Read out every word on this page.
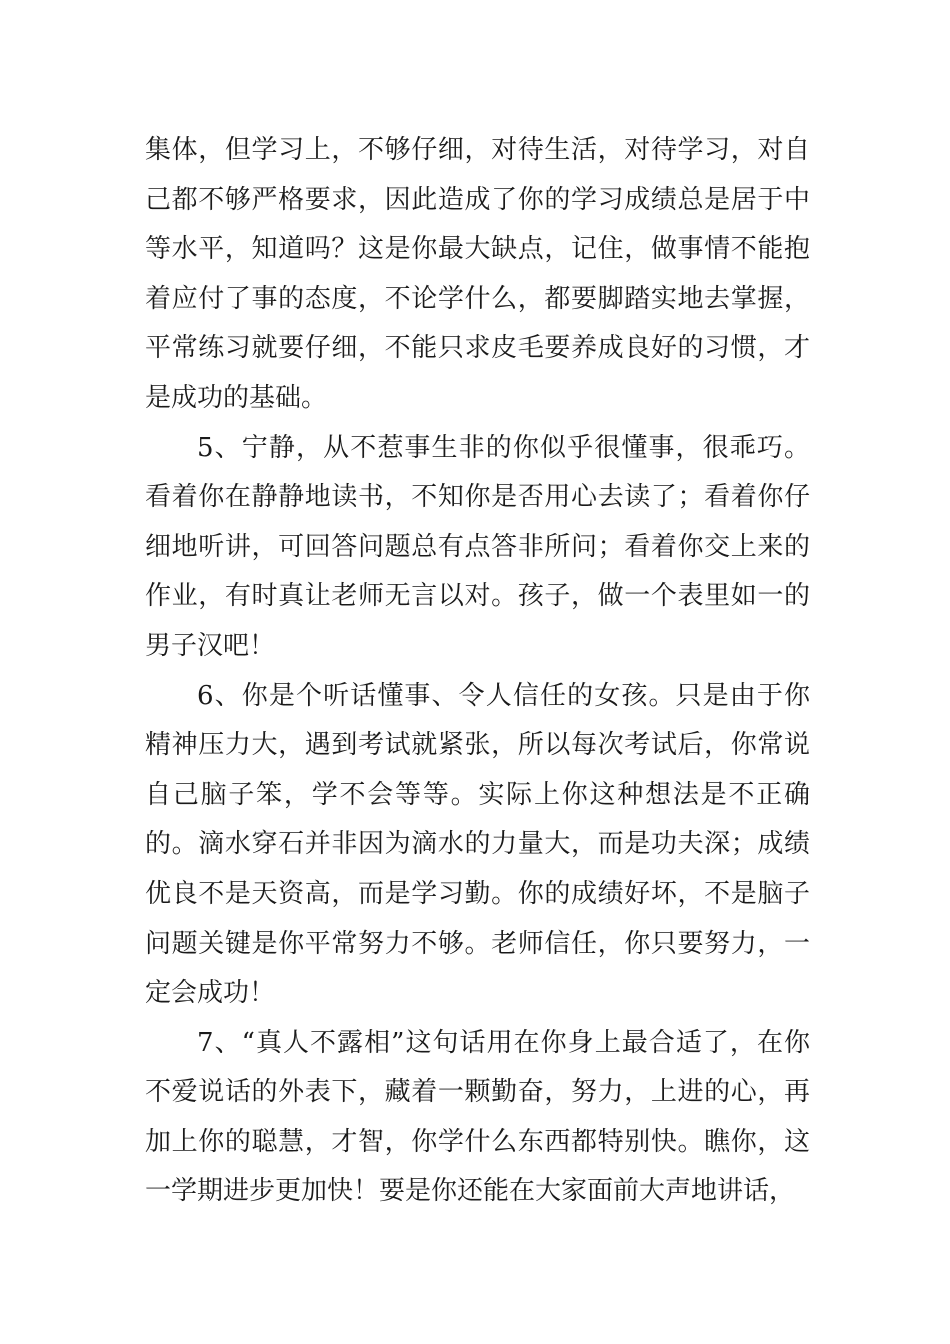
集体，但学习上，不够仔细，对待生活，对待学习，对自己都不够严格要求，因此造成了你的学习成绩总是居于中等水平，知道吗？这是你最大缺点，记住，做事情不能抱着应付了事的态度，不论学什么，都要脚踏实地去掌握，平常练习就要仔细，不能只求皮毛要养成良好的习惯，才是成功的基础。

5、宁静，从不惹事生非的你似乎很懂事，很乖巧。看着你在静静地读书，不知你是否用心去读了；看着你仔细地听讲，可回答问题总有点答非所问；看着你交上来的作业，有时真让老师无言以对。孩子，做一个表里如一的男子汉吧！

6、你是个听话懂事、令人信任的女孩。只是由于你精神压力大，遇到考试就紧张，所以每次考试后，你常说自己脑子笨，学不会等等。实际上你这种想法是不正确的。滴水穿石并非因为滴水的力量大，而是功夫深；成绩优良不是天资高，而是学习勤。你的成绩好坏，不是脑子问题关键是你平常努力不够。老师信任，你只要努力，一定会成功！

7、“真人不露相”这句话用在你身上最合适了，在你不爱说话的外表下，藏着一颗勤奋，努力，上进的心，再加上你的聪慧，才智，你学什么东西都特别快。瞧你，这一学期进步更加快！要是你还能在大家面前大声地讲话，
